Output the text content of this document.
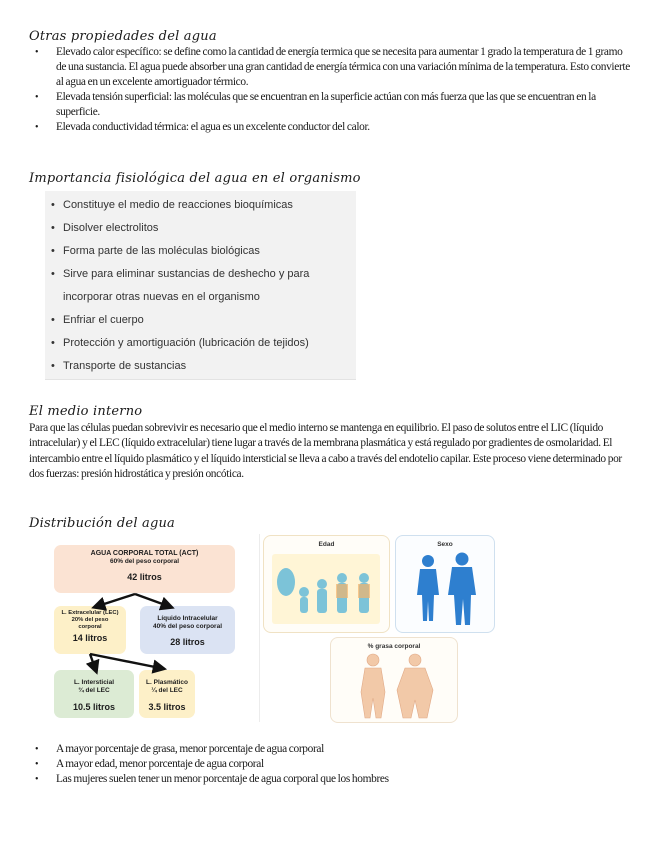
Otras propiedades del agua
• Elevado calor específico: se define como la cantidad de energía termica que se necesita para aumentar 1 grado la temperatura de 1 gramo de una sustancia. El agua puede absorber una gran cantidad de energía térmica con una variación mínima de la temperatura. Esto convierte al agua en un excelente amortiguador térmico.
• Elevada tensión superficial: las moléculas que se encuentran en la superficie actúan con más fuerza que las que se encuentran en la superficie.
• Elevada conductividad térmica: el agua es un excelente conductor del calor.
Importancia fisiológica del agua en el organismo
• Constituye el medio de reacciones bioquímicas
• Disolver electrolitos
• Forma parte de las moléculas biológicas
• Sirve para eliminar sustancias de deshecho y para incorporar otras nuevas en el organismo
• Enfriar el cuerpo
• Protección y amortiguación (lubricación de tejidos)
• Transporte de sustancias
El medio interno

Para que las células puedan sobrevivir es necesario que el medio interno se mantenga en equilibrio. El paso de solutos entre el LIC (líquido intracelular) y el LEC (líquido extracelular) tiene lugar a través de la membrana plasmática y está regulado por gradientes de osmolaridad. El intercambio entre el líquido plasmático y el líquido intersticial se lleva a cabo a través del endotelio capilar. Este proceso viene determinado por dos fuerzas: presión hidrostática y presión oncótica.

Distribución del agua
AGUA CORPORAL TOTAL (ACT)
60% del peso corporal
42 litros
L. Extracelular (LEC)
20% del peso
corporal
14 litros
Líquido Intracelular
40% del peso corporal
28 litros
L. Intersticial
¾ del LEC
10.5 litros
L. Plasmático
¼ del LEC
3.5 litros
Edad	Sexo
% grasa corporal
• A mayor porcentaje de grasa, menor porcentaje de agua corporal
• A mayor edad, menor porcentaje de agua corporal
• Las mujeres suelen tener un menor porcentaje de agua corporal que los hombres
